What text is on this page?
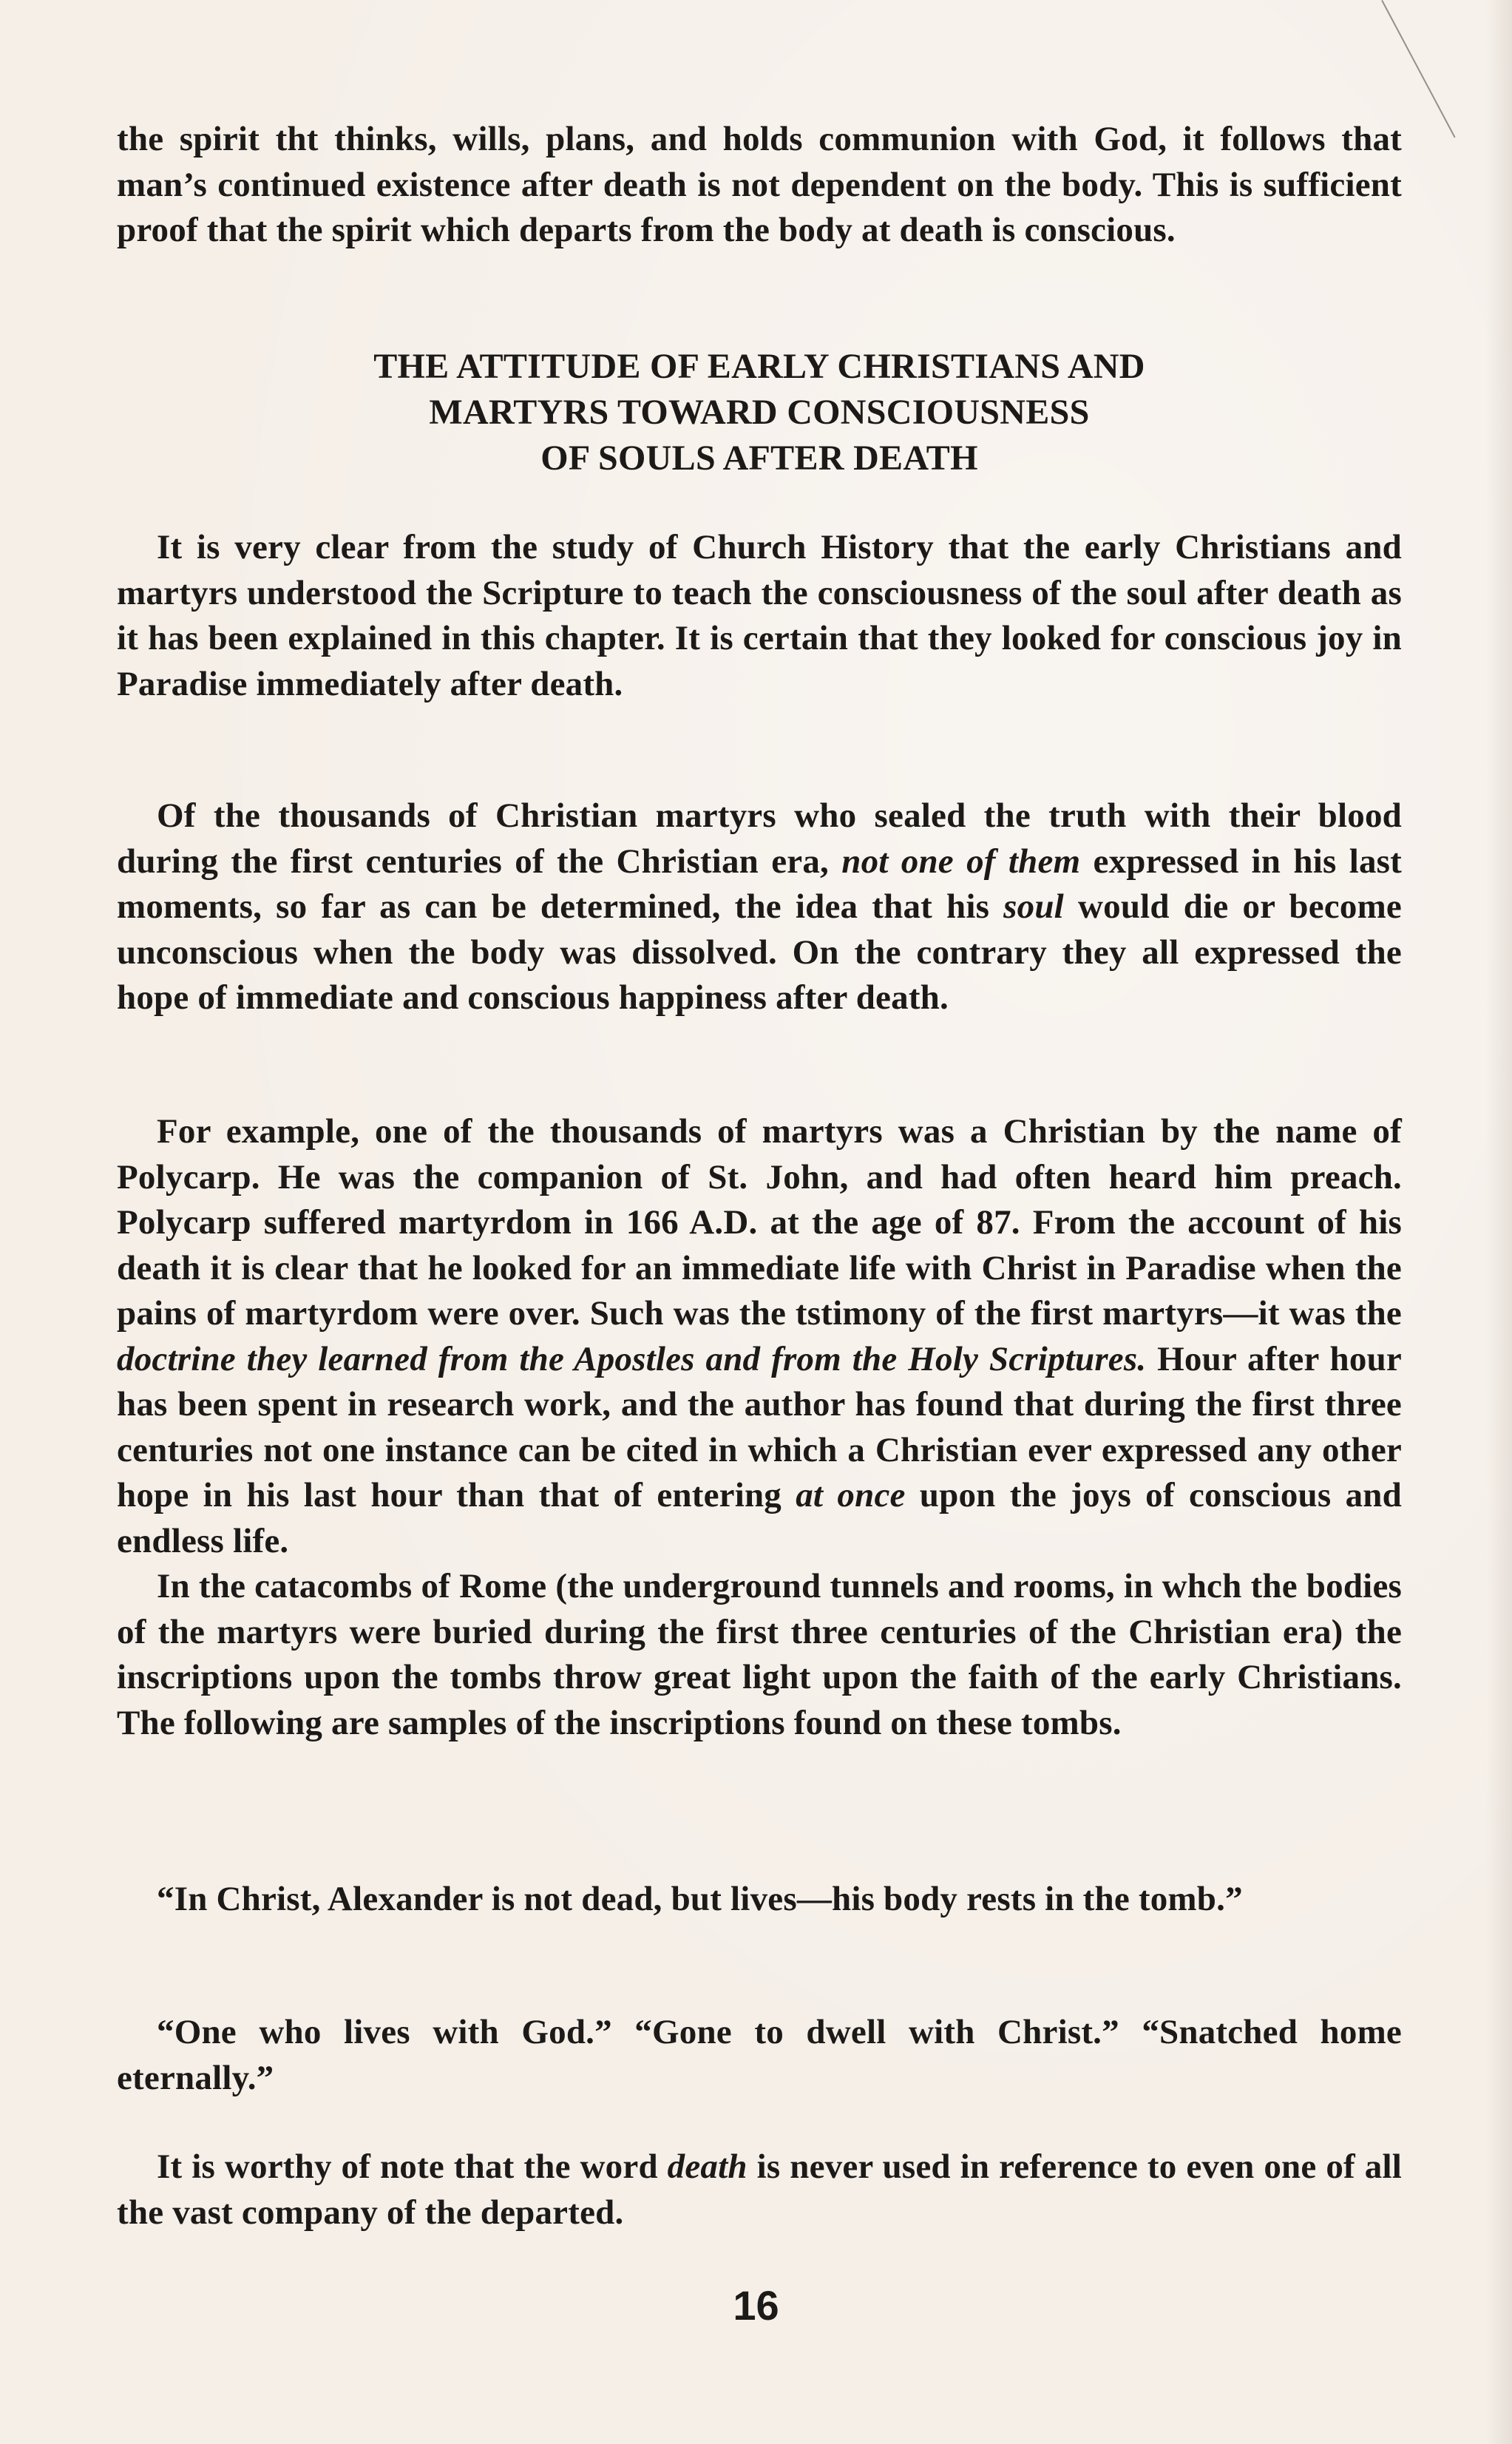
the spirit tht thinks, wills, plans, and holds communion with God, it follows that man’s continued existence after death is not dependent on the body. This is sufficient proof that the spirit which departs from the body at death is conscious.

THE ATTITUDE OF EARLY CHRISTIANS AND
MARTYRS TOWARD CONSCIOUSNESS
OF SOULS AFTER DEATH

It is very clear from the study of Church History that the early Christians and martyrs understood the Scripture to teach the consciousness of the soul after death as it has been explained in this chapter. It is certain that they looked for conscious joy in Paradise immediately after death.

Of the thousands of Christian martyrs who sealed the truth with their blood during the first centuries of the Christian era, not one of them expressed in his last moments, so far as can be determined, the idea that his soul would die or become unconscious when the body was dissolved. On the contrary they all expressed the hope of immediate and conscious happiness after death.

For example, one of the thousands of martyrs was a Christian by the name of Polycarp. He was the companion of St. John, and had often heard him preach. Polycarp suffered martyrdom in 166 A.D. at the age of 87. From the account of his death it is clear that he looked for an immediate life with Christ in Paradise when the pains of martyrdom were over. Such was the tstimony of the first martyrs—it was the doctrine they learned from the Apostles and from the Holy Scriptures. Hour after hour has been spent in research work, and the author has found that during the first three centuries not one instance can be cited in which a Christian ever expressed any other hope in his last hour than that of entering at once upon the joys of conscious and endless life.

In the catacombs of Rome (the underground tunnels and rooms, in whch the bodies of the martyrs were buried during the first three centuries of the Christian era) the inscriptions upon the tombs throw great light upon the faith of the early Christians. The following are samples of the inscriptions found on these tombs.

“In Christ, Alexander is not dead, but lives—his body rests in the tomb.”

“One who lives with God.” “Gone to dwell with Christ.” “Snatched home eternally.”

It is worthy of note that the word death is never used in reference to even one of all the vast company of the departed.

16
